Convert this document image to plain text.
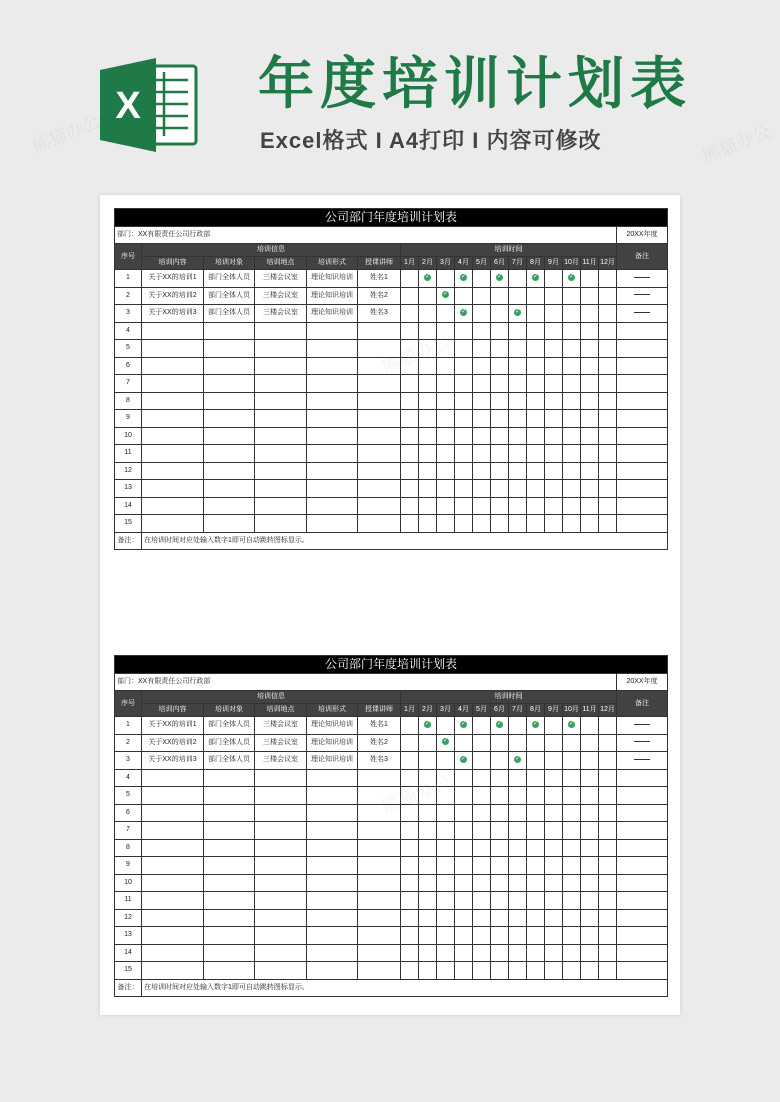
X 年度培训计划表
Excel格式 I A4打印 I 内容可修改
公司部门年度培训计划表																		
部门：XX有限责任公司行政部																		20XX年度
序号	培训信息					培训时间												备注
	培训内容	培训对象	培训地点	培训形式	授课讲师	1月	2月	3月	4月	5月	6月	7月	8月	9月	10月	11月	12月	
1	关于XX的培训1	部门全体人员	三楼会议室	理论知识培训	姓名1		✓		✓		✓		✓		✓			
2	关于XX的培训2	部门全体人员	三楼会议室	理论知识培训	姓名2			✓										
3	关于XX的培训3	部门全体人员	三楼会议室	理论知识培训	姓名3				✓			✓						
4																		
5																		
6																		
7																		
8																		
9																		
10																		
11																		
12																		
13																		
14																		
15																		
备注：	在培训时间对应处输入数字1即可自动跳转图标显示。																	
公司部门年度培训计划表																		
部门：XX有限责任公司行政部																		20XX年度
序号	培训信息					培训时间												备注
	培训内容	培训对象	培训地点	培训形式	授课讲师	1月	2月	3月	4月	5月	6月	7月	8月	9月	10月	11月	12月	
1	关于XX的培训1	部门全体人员	三楼会议室	理论知识培训	姓名1		✓		✓		✓		✓		✓			
2	关于XX的培训2	部门全体人员	三楼会议室	理论知识培训	姓名2			✓										
3	关于XX的培训3	部门全体人员	三楼会议室	理论知识培训	姓名3				✓			✓						
4																		
5																		
6																		
7																		
8																		
9																		
10																		
11																		
12																		
13																		
14																		
15																		
备注：	在培训时间对应处输入数字1即可自动跳转图标显示。																	
熊猫办公	熊猫办公
